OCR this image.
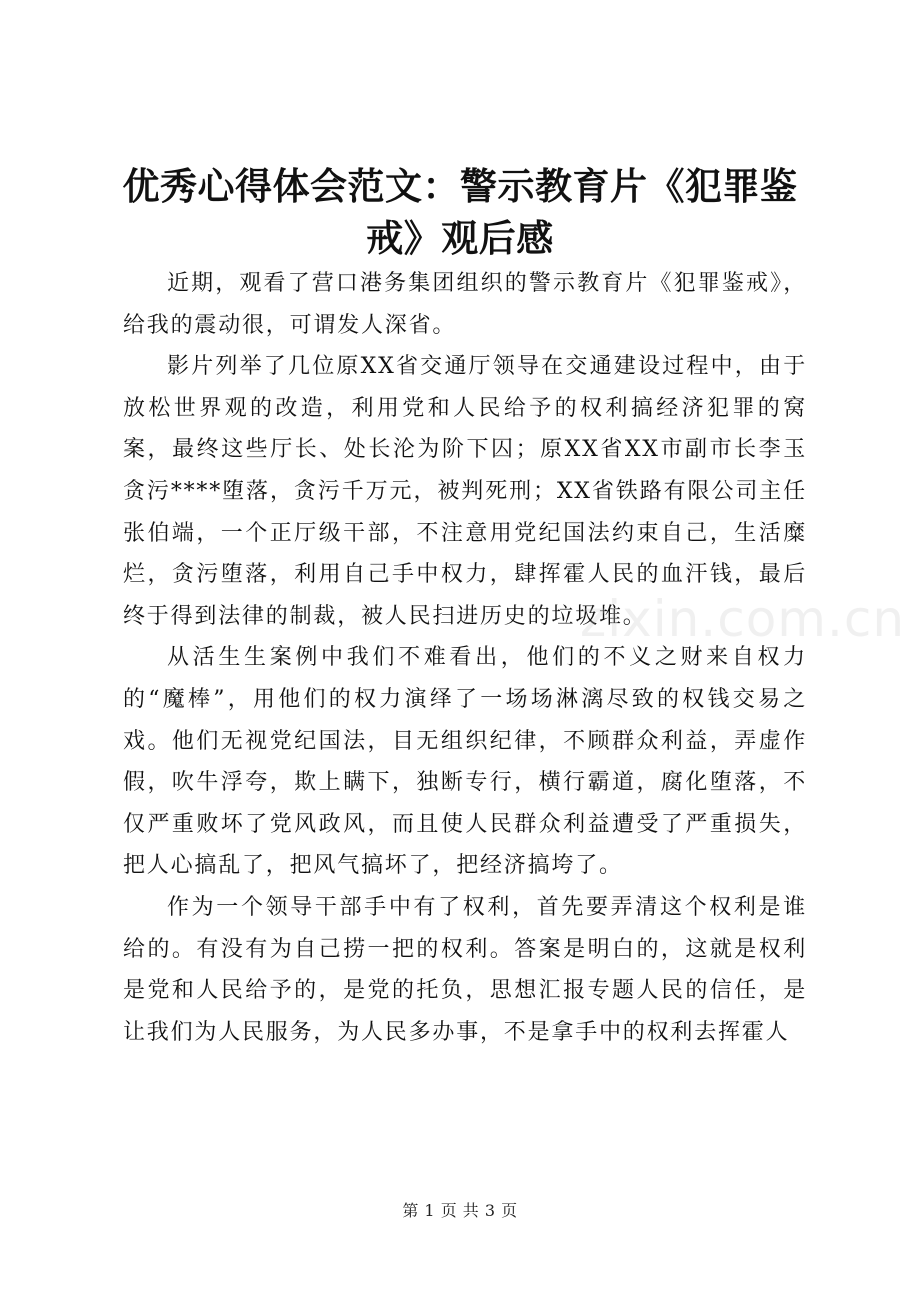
优秀心得体会范文：警示教育片《犯罪鉴戒》观后感

近期，观看了营口港务集团组织的警示教育片《犯罪鉴戒》，给我的震动很，可谓发人深省。

影片列举了几位原XX省交通厅领导在交通建设过程中，由于放松世界观的改造，利用党和人民给予的权利搞经济犯罪的窝案，最终这些厅长、处长沦为阶下囚；原XX省XX市副市长李玉贪污****堕落，贪污千万元，被判死刑；XX省铁路有限公司主任张伯端，一个正厅级干部，不注意用党纪国法约束自己，生活糜烂，贪污堕落，利用自己手中权力，肆挥霍人民的血汗钱，最后终于得到法律的制裁，被人民扫进历史的垃圾堆。

从活生生案例中我们不难看出，他们的不义之财来自权力的“魔棒”，用他们的权力演绎了一场场淋漓尽致的权钱交易之戏。他们无视党纪国法，目无组织纪律，不顾群众利益，弄虚作假，吹牛浮夸，欺上瞒下，独断专行，横行霸道，腐化堕落，不仅严重败坏了党风政风，而且使人民群众利益遭受了严重损失，把人心搞乱了，把风气搞坏了，把经济搞垮了。

作为一个领导干部手中有了权利，首先要弄清这个权利是谁给的。有没有为自己捞一把的权利。答案是明白的，这就是权利是党和人民给予的，是党的托负，思想汇报专题人民的信任，是让我们为人民服务，为人民多办事，不是拿手中的权利去挥霍人

zixin.com.cn
第 1 页 共 3 页
